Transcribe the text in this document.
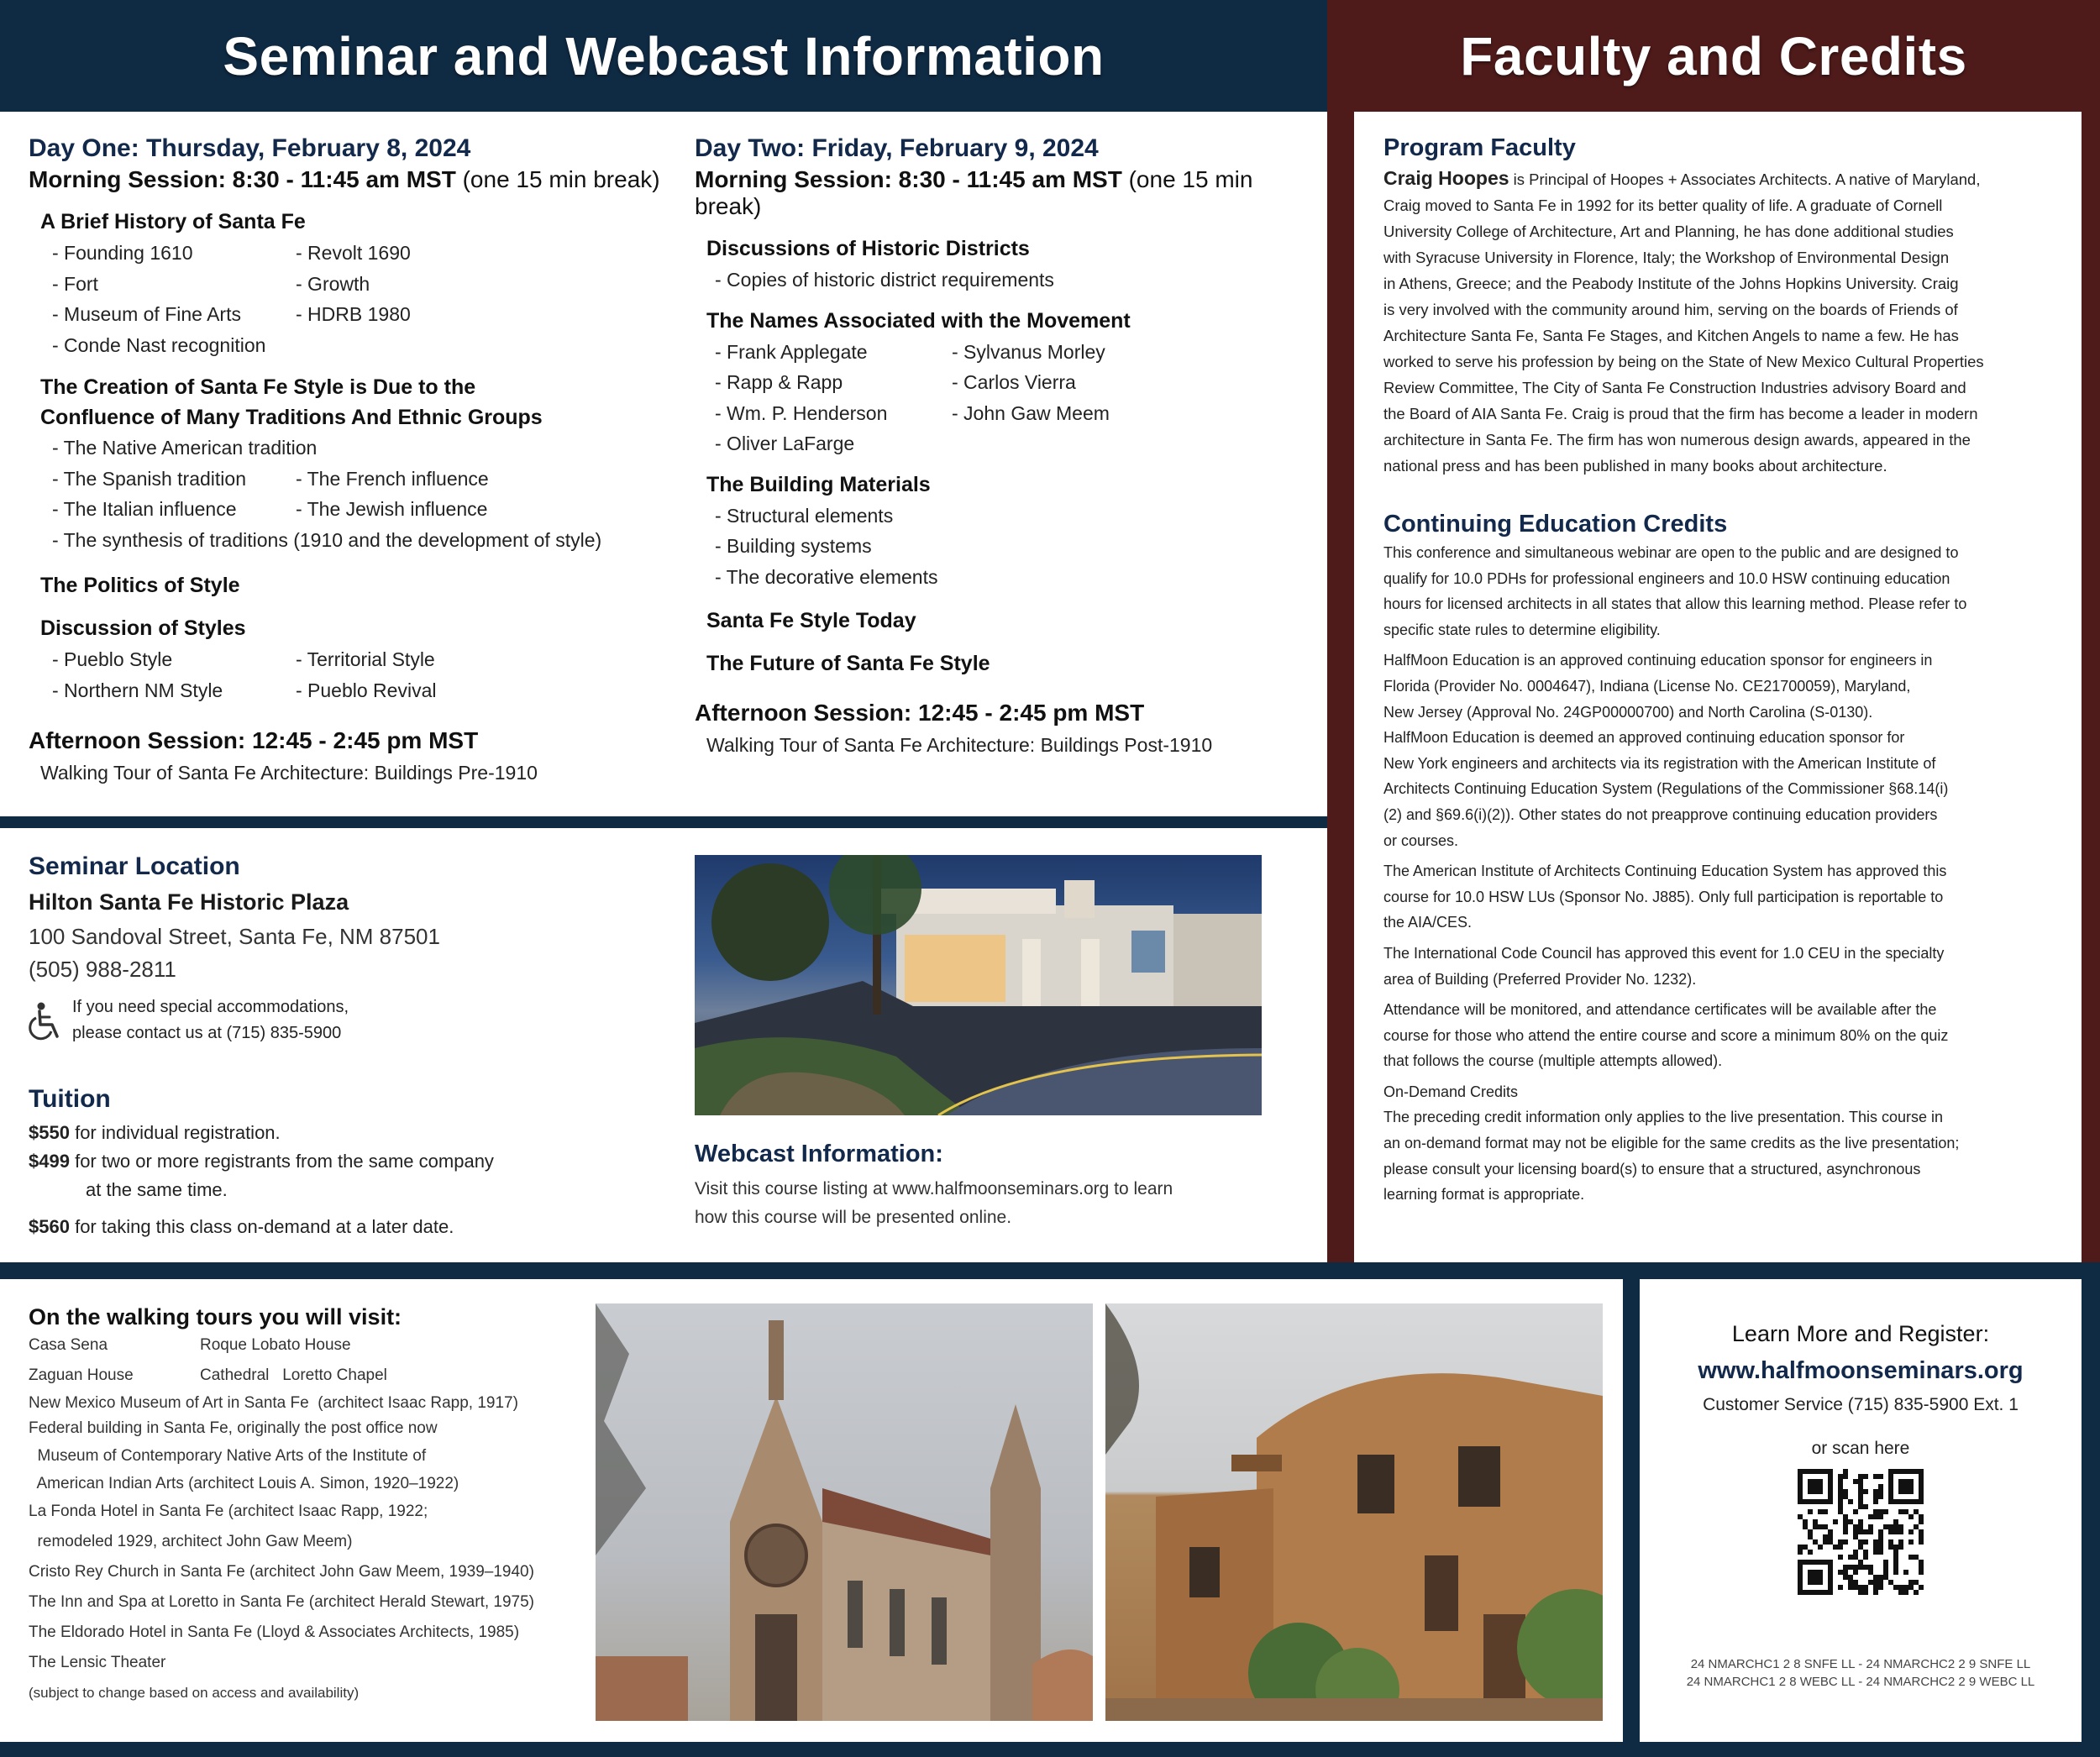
Seminar and Webcast Information	Faculty and Credits
Day One: Thursday, February 8, 2024
Morning Session: 8:30 - 11:45 am MST (one 15 min break)
A Brief History of Santa Fe
- Founding 1610	- Revolt 1690
- Fort	- Growth
- Museum of Fine Arts	- HDRB 1980
- Conde Nast recognition
The Creation of Santa Fe Style is Due to the
Confluence of Many Traditions And Ethnic Groups
- The Native American tradition
- The Spanish tradition	- The French influence
- The Italian influence	- The Jewish influence
- The synthesis of traditions (1910 and the development of style)
The Politics of Style
Discussion of Styles
- Pueblo Style	- Territorial Style
- Northern NM Style	- Pueblo Revival
Afternoon Session: 12:45 - 2:45 pm MST
Walking Tour of Santa Fe Architecture: Buildings Pre-1910
Day Two: Friday, February 9, 2024
Morning Session: 8:30 - 11:45 am MST (one 15 min break)
Discussions of Historic Districts
- Copies of historic district requirements
The Names Associated with the Movement
- Frank Applegate	- Sylvanus Morley
- Rapp & Rapp	- Carlos Vierra
- Wm. P. Henderson	- John Gaw Meem
- Oliver LaFarge
The Building Materials
- Structural elements
- Building systems
- The decorative elements
Santa Fe Style Today
The Future of Santa Fe Style
Afternoon Session: 12:45 - 2:45 pm MST
Walking Tour of Santa Fe Architecture: Buildings Post-1910
Seminar Location
Hilton Santa Fe Historic Plaza
100 Sandoval Street, Santa Fe, NM 87501
(505) 988-2811
If you need special accommodations,
please contact us at (715) 835-5900
Tuition
$550 for individual registration.
$499 for two or more registrants from the same company
at the same time.
$560 for taking this class on-demand at a later date.
Webcast Information:
Visit this course listing at www.halfmoonseminars.org to learn
how this course will be presented online.
Program Faculty
Craig Hoopes is Principal of Hoopes + Associates Architects. A native of Maryland,
Craig moved to Santa Fe in 1992 for its better quality of life. A graduate of Cornell
University College of Architecture, Art and Planning, he has done additional studies
with Syracuse University in Florence, Italy; the Workshop of Environmental Design
in Athens, Greece; and the Peabody Institute of the Johns Hopkins University. Craig
is very involved with the community around him, serving on the boards of Friends of
Architecture Santa Fe, Santa Fe Stages, and Kitchen Angels to name a few. He has
worked to serve his profession by being on the State of New Mexico Cultural Properties
Review Committee, The City of Santa Fe Construction Industries advisory Board and
the Board of AIA Santa Fe. Craig is proud that the firm has become a leader in modern
architecture in Santa Fe. The firm has won numerous design awards, appeared in the
national press and has been published in many books about architecture.
Continuing Education Credits
This conference and simultaneous webinar are open to the public and are designed to
qualify for 10.0 PDHs for professional engineers and 10.0 HSW continuing education
hours for licensed architects in all states that allow this learning method. Please refer to
specific state rules to determine eligibility.
HalfMoon Education is an approved continuing education sponsor for engineers in
Florida (Provider No. 0004647), Indiana (License No. CE21700059), Maryland,
New Jersey (Approval No. 24GP00000700) and North Carolina (S-0130).
HalfMoon Education is deemed an approved continuing education sponsor for
New York engineers and architects via its registration with the American Institute of
Architects Continuing Education System (Regulations of the Commissioner §68.14(i)
(2) and §69.6(i)(2)). Other states do not preapprove continuing education providers
or courses.
The American Institute of Architects Continuing Education System has approved this
course for 10.0 HSW LUs (Sponsor No. J885). Only full participation is reportable to
the AIA/CES.
The International Code Council has approved this event for 1.0 CEU in the specialty
area of Building (Preferred Provider No. 1232).
Attendance will be monitored, and attendance certificates will be available after the
course for those who attend the entire course and score a minimum 80% on the quiz
that follows the course (multiple attempts allowed).
On-Demand Credits
The preceding credit information only applies to the live presentation. This course in
an on-demand format may not be eligible for the same credits as the live presentation;
please consult your licensing board(s) to ensure that a structured, asynchronous
learning format is appropriate.
On the walking tours you will visit:
Casa Sena	Roque Lobato House
Zaguan House	Cathedral   Loretto Chapel
New Mexico Museum of Art in Santa Fe  (architect Isaac Rapp, 1917)
Federal building in Santa Fe, originally the post office now
Museum of Contemporary Native Arts of the Institute of
American Indian Arts (architect Louis A. Simon, 1920–1922)
La Fonda Hotel in Santa Fe (architect Isaac Rapp, 1922;
remodeled 1929, architect John Gaw Meem)
Cristo Rey Church in Santa Fe (architect John Gaw Meem, 1939–1940)
The Inn and Spa at Loretto in Santa Fe (architect Herald Stewart, 1975)
The Eldorado Hotel in Santa Fe (Lloyd & Associates Architects, 1985)
The Lensic Theater
(subject to change based on access and availability)
Learn More and Register:
www.halfmoonseminars.org
Customer Service (715) 835-5900 Ext. 1
or scan here
24 NMARCHC1 2 8 SNFE LL - 24 NMARCHC2 2 9 SNFE LL
24 NMARCHC1 2 8 WEBC LL - 24 NMARCHC2 2 9 WEBC LL
